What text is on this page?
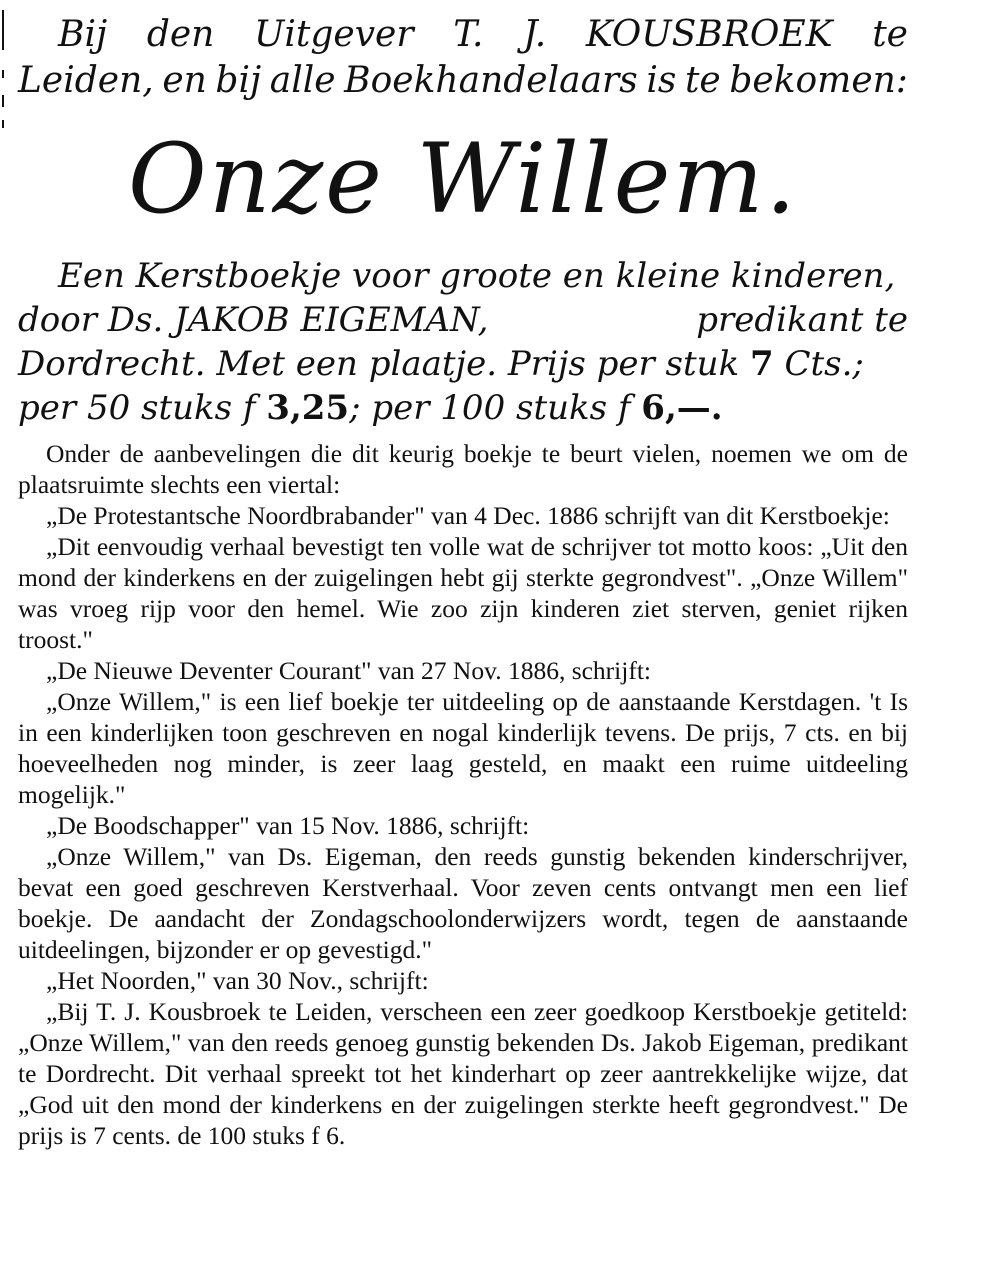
Bij den Uitgever T. J. KOUSBROEK te
Leiden, en bij alle Boekhandelaars is te bekomen:
Onze Willem.
Een Kerstboekje voor groote en kleine kinderen,
door Ds. JAKOB EIGEMAN,	predikant te
Dordrecht. Met een plaatje. Prijs per stuk 7 Cts.;
per 50 stuks f 3,25; per 100 stuks f 6,—.

Onder de aanbevelingen die dit keurig boekje te beurt vielen, noemen we om de plaatsruimte slechts een viertal:

„De Protestantsche Noordbrabander" van 4 Dec. 1886 schrijft van dit Kerstboekje:

„Dit eenvoudig verhaal bevestigt ten volle wat de schrijver tot motto koos: „Uit den mond der kinderkens en der zuigelingen hebt gij sterkte gegrondvest". „Onze Willem" was vroeg rijp voor den hemel. Wie zoo zijn kinderen ziet sterven, geniet rijken troost."

„De Nieuwe Deventer Courant" van 27 Nov. 1886, schrijft:

„Onze Willem," is een lief boekje ter uitdeeling op de aanstaande Kerstdagen. 't Is in een kinderlijken toon geschreven en nogal kinderlijk tevens. De prijs, 7 cts. en bij hoeveelheden nog minder, is zeer laag gesteld, en maakt een ruime uitdeeling mogelijk."

„De Boodschapper" van 15 Nov. 1886, schrijft:

„Onze Willem," van Ds. Eigeman, den reeds gunstig bekenden kinderschrijver, bevat een goed geschreven Kerstverhaal. Voor zeven cents ontvangt men een lief boekje. De aandacht der Zondagschoolonderwijzers wordt, tegen de aanstaande uitdeelingen, bijzonder er op gevestigd."

„Het Noorden," van 30 Nov., schrijft:

„Bij T. J. Kousbroek te Leiden, verscheen een zeer goedkoop Kerstboekje getiteld: „Onze Willem," van den reeds genoeg gunstig bekenden Ds. Jakob Eigeman, predikant te Dordrecht. Dit verhaal spreekt tot het kinderhart op zeer aantrekkelijke wijze, dat „God uit den mond der kinderkens en der zuigelingen sterkte heeft gegrondvest." De prijs is 7 cents. de 100 stuks f 6.
